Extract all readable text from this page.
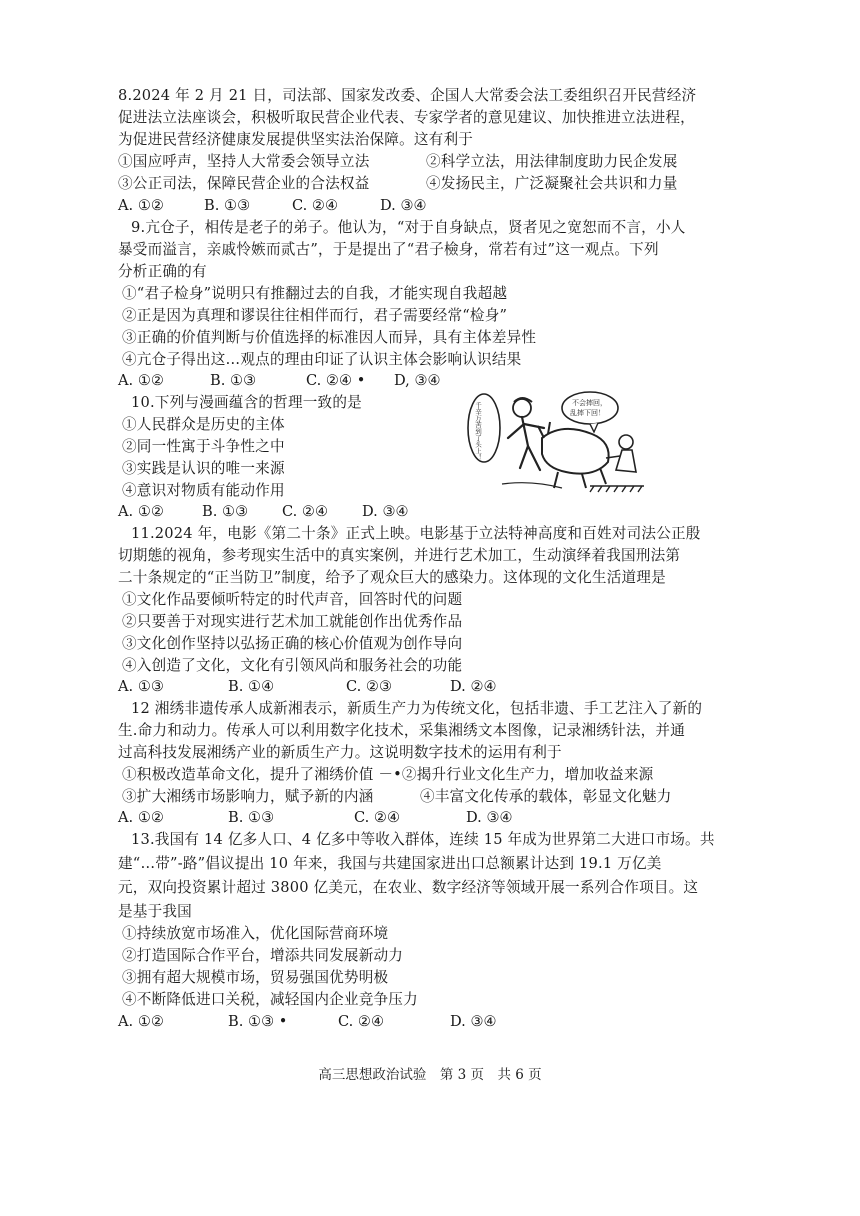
8.2024 年 2 月 21 日，司法部、国家发改委、企国人大常委会法工委组织召开民营经济
促进法立法座谈会，积极听取民营企业代表、专家学者的意见建议、加快推进立法进程，
为促进民营经济健康发展提供坚实法治保障。这有利于
①国应呼声，坚持人大常委会领导立法	②科学立法，用法律制度助力民企发展
③公正司法，保障民营企业的合法权益	④发扬民主，广泛凝聚社会共识和力量
A. ①②	B. ①③	C. ②④	D. ③④
9.亢仓子，相传是老子的弟子。他认为，“对于自身缺点，贤者见之宽恕而不言，小人
暴受而溢言，亲戚怜嫉而贰古”，于是提出了“君子檢身，常若有过”这一观点。下列
分析正确的有
①“君子检身”说明只有推翻过去的自我，才能实现自我超越
②正是因为真理和谬误往往相伴而行，君子需要经常“检身”
③正确的价值判断与价值选择的标准因人而异，具有主体差异性
④亢仓子得出这…观点的理由印证了认识主体会影响认识结果
A. ①②	B. ①③	C. ②④ • D, ③④
10.下列与漫画蕴含的哲理一致的是
①人民群众是历史的主体
②同一性寓于斗争性之中
③实践是认识的唯一来源
④意识对物质有能动作用
A. ①②	B. ①③ C. ②④ D. ③④
千辛万苦到了头上！	不会摔回，
乱摔下回！
11.2024 年，电影《第二十条》正式上映。电影基于立法特神高度和百姓对司法公正殷
切期態的视角，参考现实生活中的真实案例，并进行艺术加工，生动演绎着我国刑法第
二十条规定的“正当防卫”制度，给予了观众巨大的感染力。这体现的文化生活道理是
①文化作品要倾听特定的时代声音，回答时代的问题
②只要善于对现实进行艺术加工就能创作出优秀作品
③文化创作坚持以弘扬正确的核心价值观为创作导向
④入创造了文化，文化有引领风尚和服务社会的功能
A. ①③	B. ①④	C. ②③	D. ②④
12 湘绣非遗传承人成新湘表示，新质生产力为传统文化，包括非遗、手工艺注入了新的
生.命力和动力。传承人可以利用数字化技术，采集湘绣文本图像，记录湘绣针法，并通
过高科技发展湘绣产业的新质生产力。这说明数字技术的运用有利于
①积极改造革命文化，提升了湘绣价值 －•②揭升行业文化生产力，增加收益来源
③扩大湘绣市场影响力，赋予新的内涵	④丰富文化传承的载体，彰显文化魅力
A. ①②	B. ①③	C. ②④	D. ③④
13.我国有 14 亿多人口、4 亿多中等收入群体，连续 15 年成为世界第二大进口市场。共
建“…带”-路”倡议提出 10 年来，我国与共建国家进出口总额累计达到 19.1 万亿美
元，双向投资累计超过 3800 亿美元，在农业、数字经济等领域开展一系列合作项目。这
是基于我国
①持续放宽市场准入，优化国际营商环境
②打造国际合作平台，增添共同发展新动力
③拥有超大规模市场，贸易强国优势明极
④不断降低进口关税，减轻国内企业竞争压力
A. ①②	B. ①③ •	C. ②④	D. ③④
高三思想政治试验　第 3 页　共 6 页
